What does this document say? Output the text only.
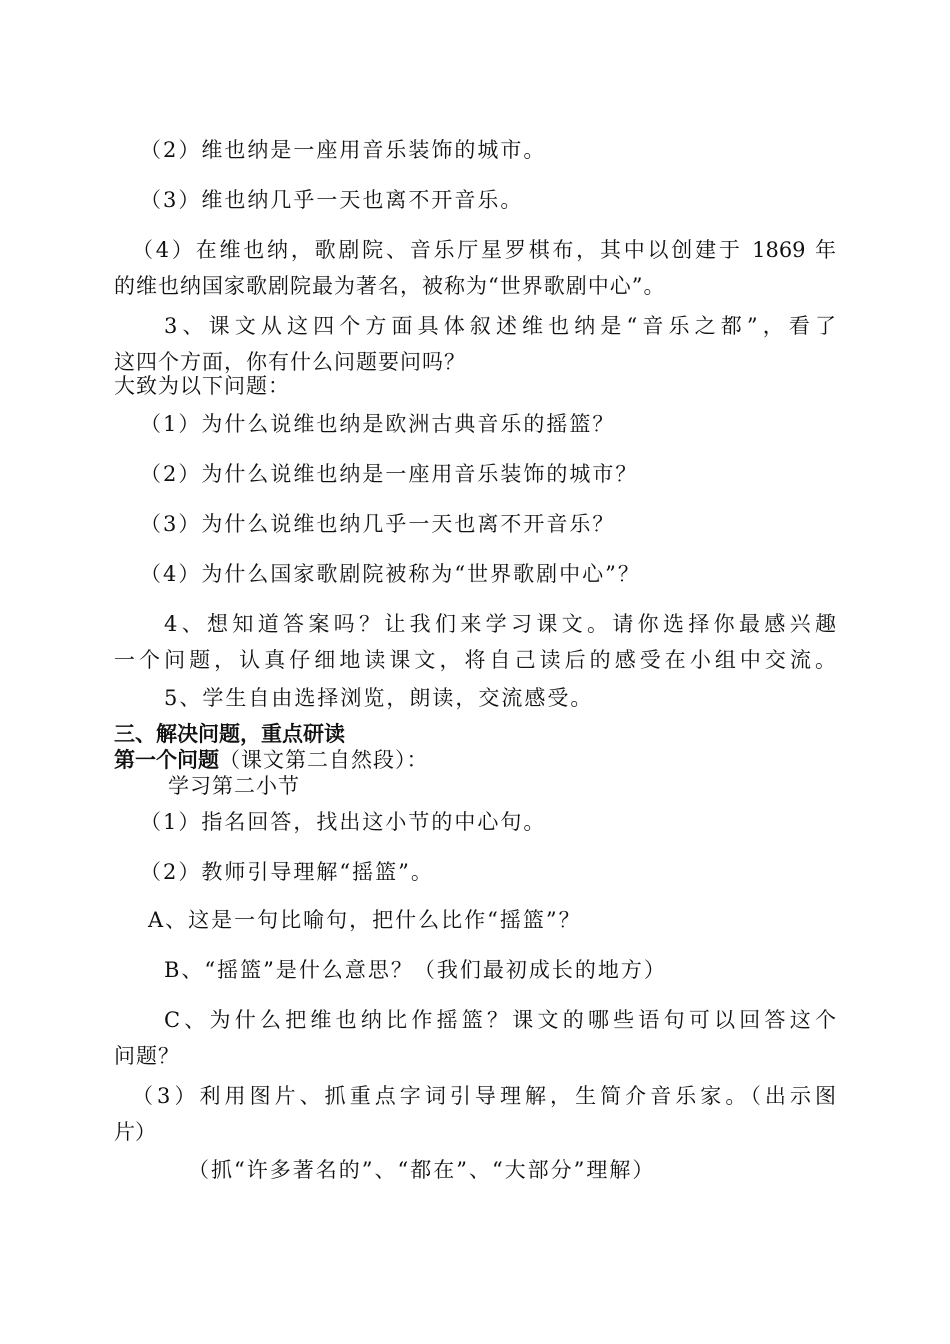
（2）维也纳是一座用音乐装饰的城市。
（3）维也纳几乎一天也离不开音乐。
（4）在维也纳，歌剧院、音乐厅星罗棋布，其中以创建于 1869 年
的维也纳国家歌剧院最为著名，被称为“世界歌剧中心”。
3、课文从这四个方面具体叙述维也纳是“音乐之都”，看了
这四个方面，你有什么问题要问吗？
大致为以下问题：
（1）为什么说维也纳是欧洲古典音乐的摇篮？
（2）为什么说维也纳是一座用音乐装饰的城市？
（3）为什么说维也纳几乎一天也离不开音乐？
（4）为什么国家歌剧院被称为“世界歌剧中心”？
4、想知道答案吗？让我们来学习课文。请你选择你最感兴趣
一个问题，认真仔细地读课文，将自己读后的感受在小组中交流。
5、学生自由选择浏览，朗读，交流感受。
三、解决问题，重点研读
第一个问题（课文第二自然段）：
学习第二小节
（1）指名回答，找出这小节的中心句。
（2）教师引导理解“摇篮”。
A、这是一句比喻句，把什么比作“摇篮”？
B、“摇篮”是什么意思？（我们最初成长的地方）
C、为什么把维也纳比作摇篮？课文的哪些语句可以回答这个
问题？
（3）利用图片、抓重点字词引导理解，生简介音乐家。（出示图
片）
（抓“许多著名的”、“都在”、“大部分”理解）
